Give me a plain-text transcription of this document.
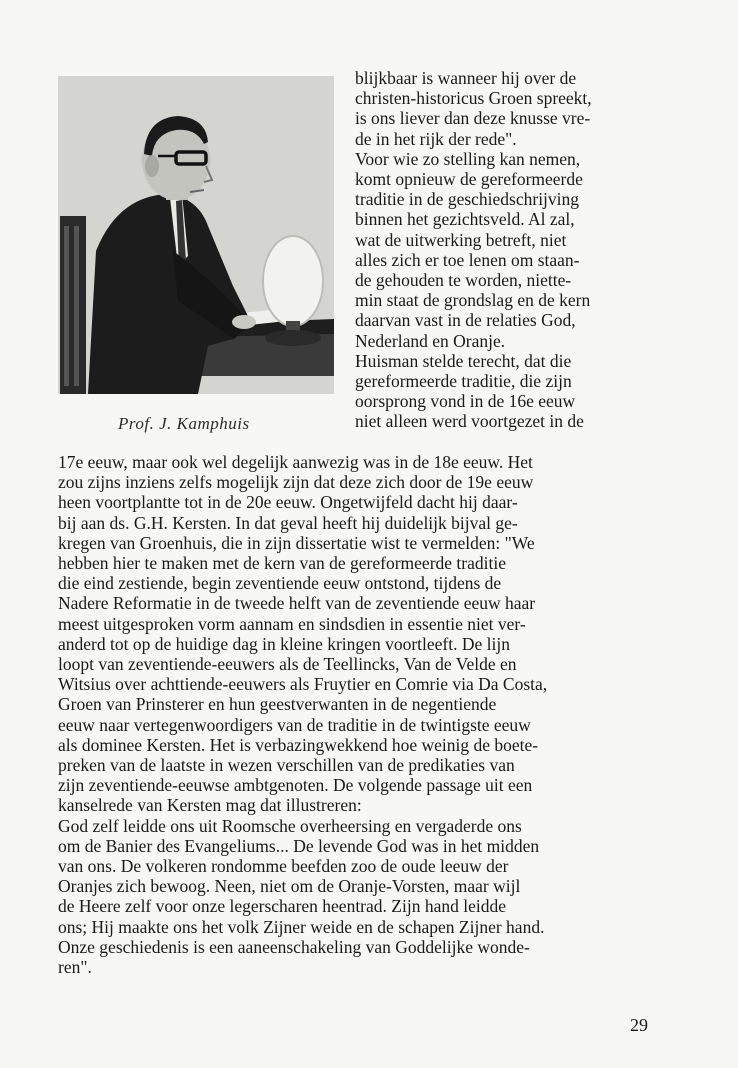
Prof. J. Kamphuis
blijkbaar is wanneer hij over de
christen-historicus Groen spreekt,
is ons liever dan deze knusse vre-
de in het rijk der rede".
Voor wie zo stelling kan nemen,
komt opnieuw de gereformeerde
traditie in de geschiedschrijving
binnen het gezichtsveld. Al zal,
wat de uitwerking betreft, niet
alles zich er toe lenen om staan-
de gehouden te worden, niette-
min staat de grondslag en de kern
daarvan vast in de relaties God,
Nederland en Oranje.
Huisman stelde terecht, dat die
gereformeerde traditie, die zijn
oorsprong vond in de 16e eeuw
niet alleen werd voortgezet in de
17e eeuw, maar ook wel degelijk aanwezig was in de 18e eeuw. Het
zou zijns inziens zelfs mogelijk zijn dat deze zich door de 19e eeuw
heen voortplantte tot in de 20e eeuw. Ongetwijfeld dacht hij daar-
bij aan ds. G.H. Kersten. In dat geval heeft hij duidelijk bijval ge-
kregen van Groenhuis, die in zijn dissertatie wist te vermelden: "We
hebben hier te maken met de kern van de gereformeerde traditie
die eind zestiende, begin zeventiende eeuw ontstond, tijdens de
Nadere Reformatie in de tweede helft van de zeventiende eeuw haar
meest uitgesproken vorm aannam en sindsdien in essentie niet ver-
anderd tot op de huidige dag in kleine kringen voortleeft. De lijn
loopt van zeventiende-eeuwers als de Teellincks, Van de Velde en
Witsius over achttiende-eeuwers als Fruytier en Comrie via Da Costa,
Groen van Prinsterer en hun geestverwanten in de negentiende
eeuw naar vertegenwoordigers van de traditie in de twintigste eeuw
als dominee Kersten. Het is verbazingwekkend hoe weinig de boete-
preken van de laatste in wezen verschillen van de predikaties van
zijn zeventiende-eeuwse ambtgenoten. De volgende passage uit een
kanselrede van Kersten mag dat illustreren:
God zelf leidde ons uit Roomsche overheersing en vergaderde ons
om de Banier des Evangeliums... De levende God was in het midden
van ons. De volkeren rondomme beefden zoo de oude leeuw der
Oranjes zich bewoog. Neen, niet om de Oranje-Vorsten, maar wijl
de Heere zelf voor onze legerscharen heentrad. Zijn hand leidde
ons; Hij maakte ons het volk Zijner weide en de schapen Zijner hand.
Onze geschiedenis is een aaneenschakeling van Goddelijke wonde-
ren".
29
